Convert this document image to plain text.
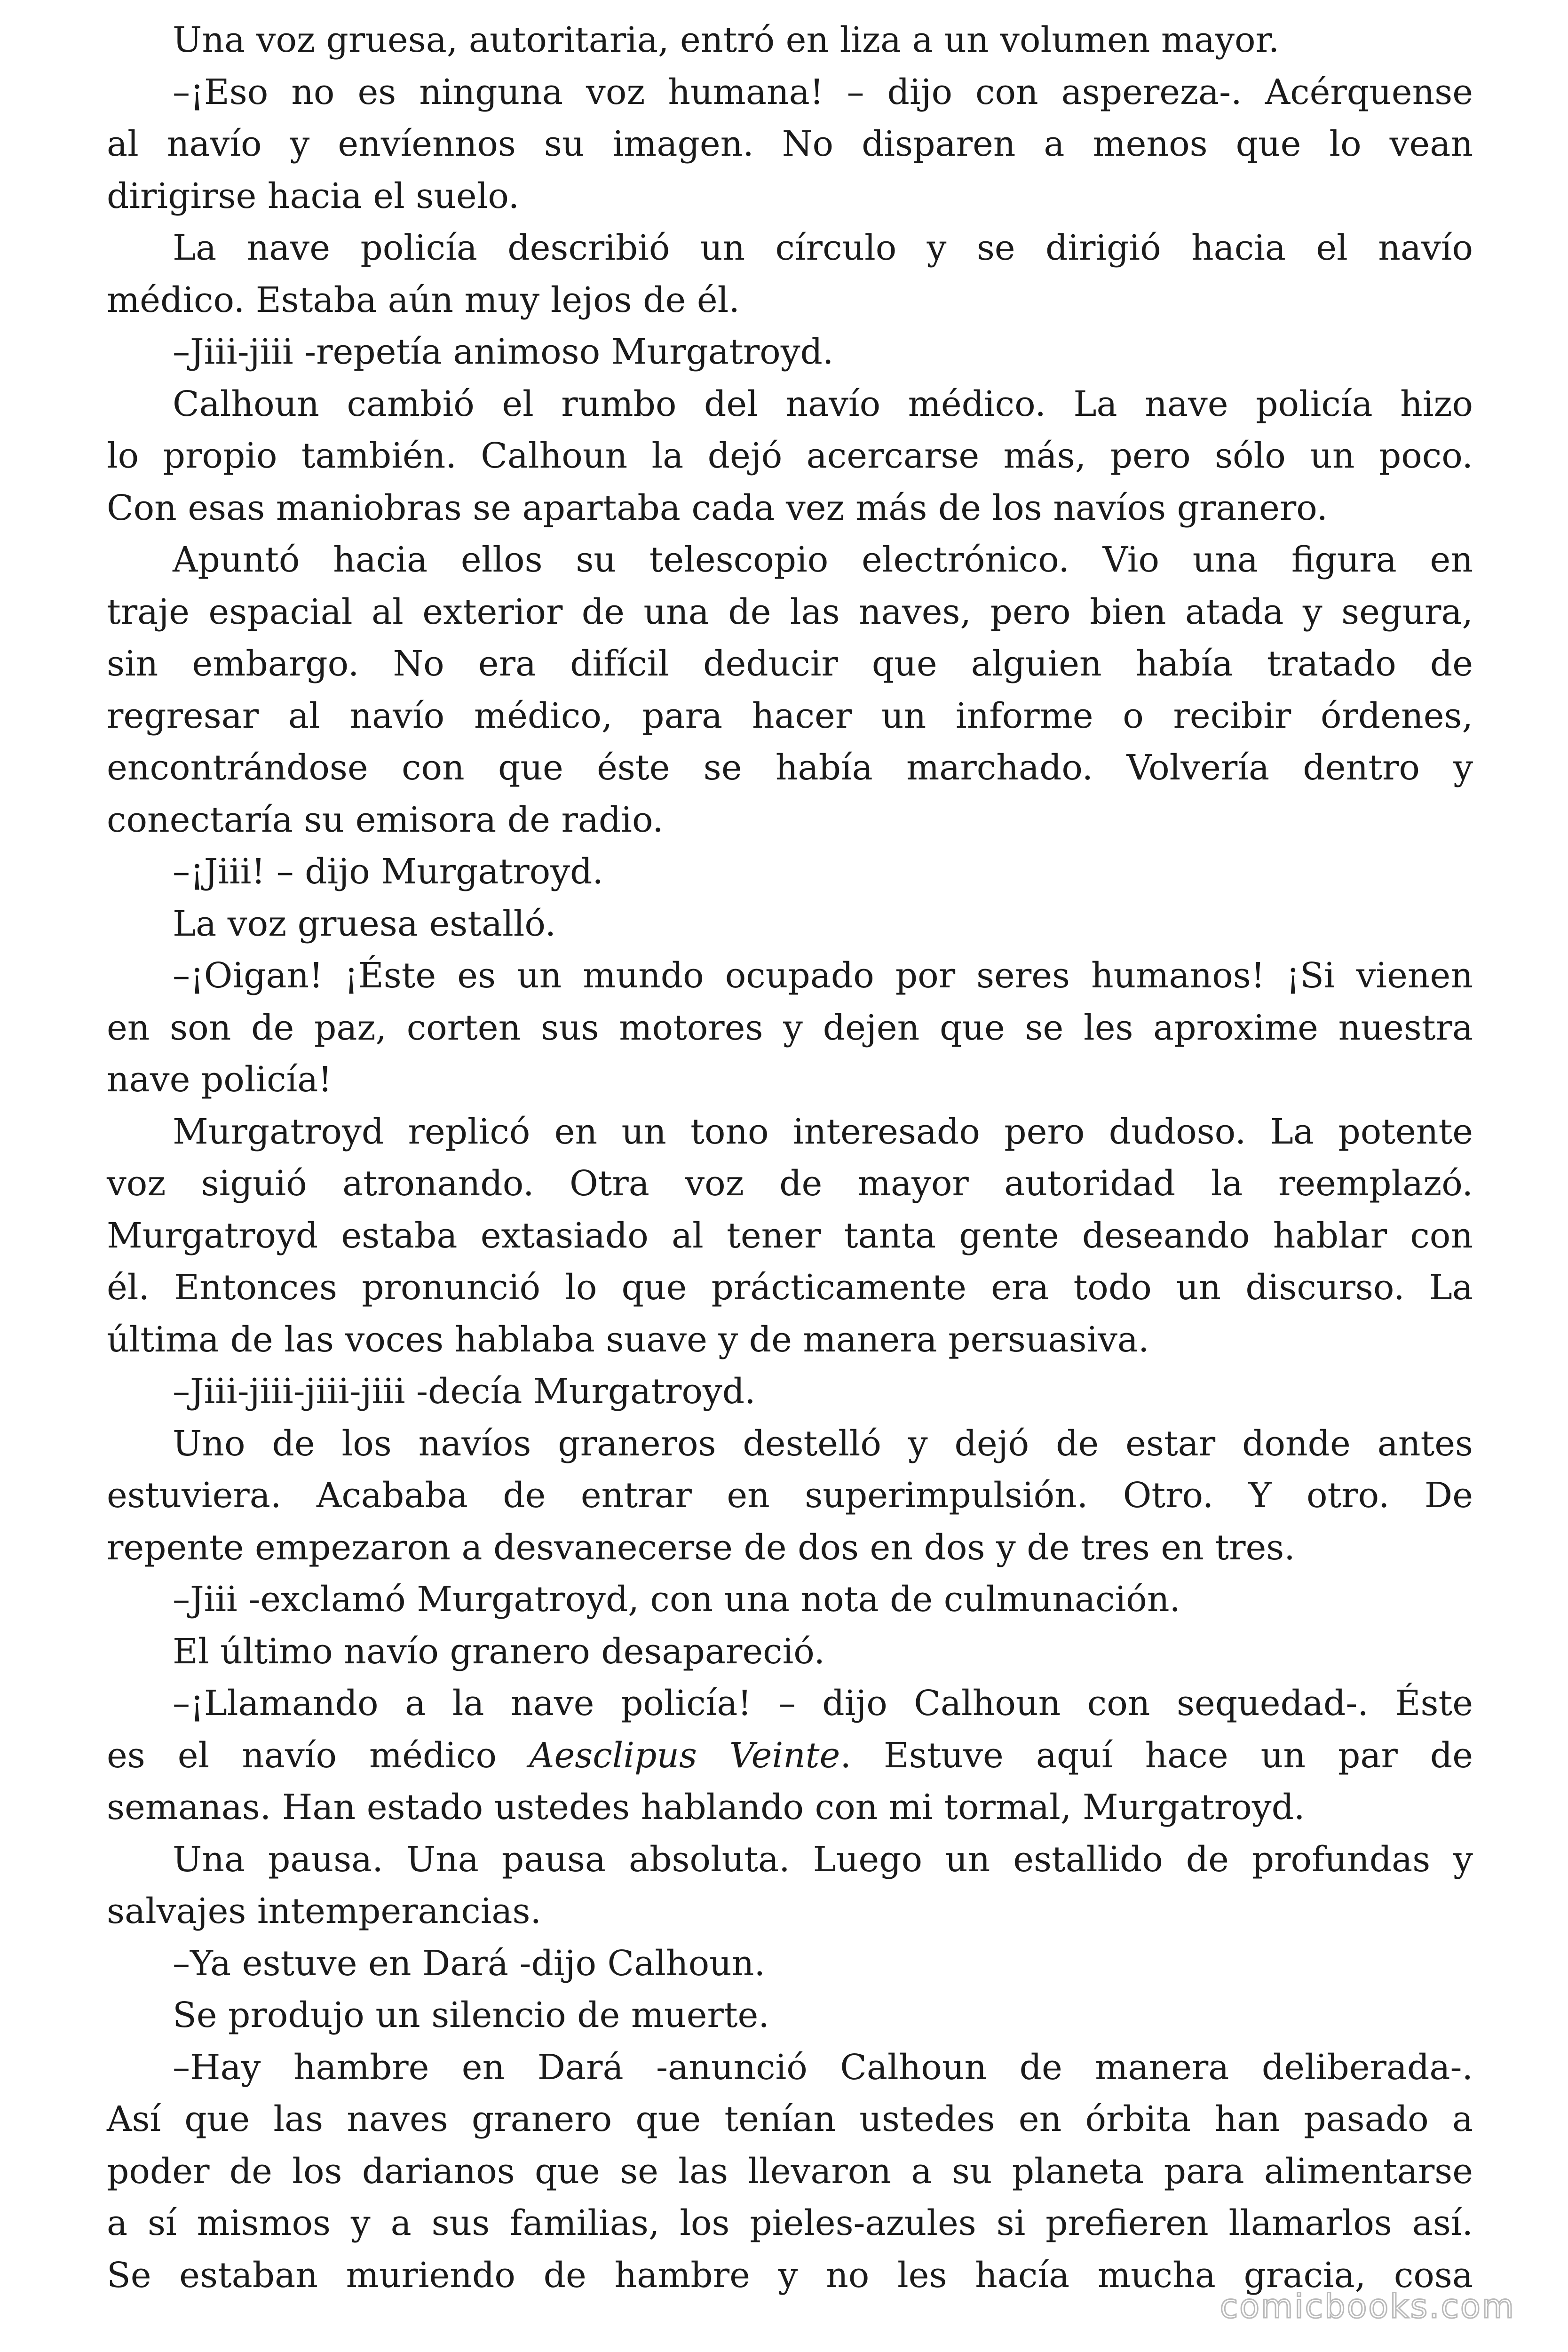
Una voz gruesa, autoritaria, entró en liza a un volumen mayor.
–¡Eso no es ninguna voz humana! – dijo con aspereza-. Acérquense
al navío y envíennos su imagen. No disparen a menos que lo vean
dirigirse hacia el suelo.
La nave policía describió un círculo y se dirigió hacia el navío
médico. Estaba aún muy lejos de él.
–Jiii-jiii -repetía animoso Murgatroyd.
Calhoun cambió el rumbo del navío médico. La nave policía hizo
lo propio también. Calhoun la dejó acercarse más, pero sólo un poco.
Con esas maniobras se apartaba cada vez más de los navíos granero.
Apuntó hacia ellos su telescopio electrónico. Vio una figura en
traje espacial al exterior de una de las naves, pero bien atada y segura,
sin embargo. No era difícil deducir que alguien había tratado de
regresar al navío médico, para hacer un informe o recibir órdenes,
encontrándose con que éste se había marchado. Volvería dentro y
conectaría su emisora de radio.
–¡Jiii! – dijo Murgatroyd.
La voz gruesa estalló.
–¡Oigan! ¡Éste es un mundo ocupado por seres humanos! ¡Si vienen
en son de paz, corten sus motores y dejen que se les aproxime nuestra
nave policía!
Murgatroyd replicó en un tono interesado pero dudoso. La potente
voz siguió atronando. Otra voz de mayor autoridad la reemplazó.
Murgatroyd estaba extasiado al tener tanta gente deseando hablar con
él. Entonces pronunció lo que prácticamente era todo un discurso. La
última de las voces hablaba suave y de manera persuasiva.
–Jiii-jiii-jiii-jiii -decía Murgatroyd.
Uno de los navíos graneros destelló y dejó de estar donde antes
estuviera. Acababa de entrar en superimpulsión. Otro. Y otro. De
repente empezaron a desvanecerse de dos en dos y de tres en tres.
–Jiii -exclamó Murgatroyd, con una nota de culmunación.
El último navío granero desapareció.
–¡Llamando a la nave policía! – dijo Calhoun con sequedad-. Éste
es el navío médico Aesclipus Veinte. Estuve aquí hace un par de
semanas. Han estado ustedes hablando con mi tormal, Murgatroyd.
Una pausa. Una pausa absoluta. Luego un estallido de profundas y
salvajes intemperancias.
–Ya estuve en Dará -dijo Calhoun.
Se produjo un silencio de muerte.
–Hay hambre en Dará -anunció Calhoun de manera deliberada-.
Así que las naves granero que tenían ustedes en órbita han pasado a
poder de los darianos que se las llevaron a su planeta para alimentarse
a sí mismos y a sus familias, los pieles-azules si prefieren llamarlos así.
Se estaban muriendo de hambre y no les hacía mucha gracia, cosa
comicbooks.com
